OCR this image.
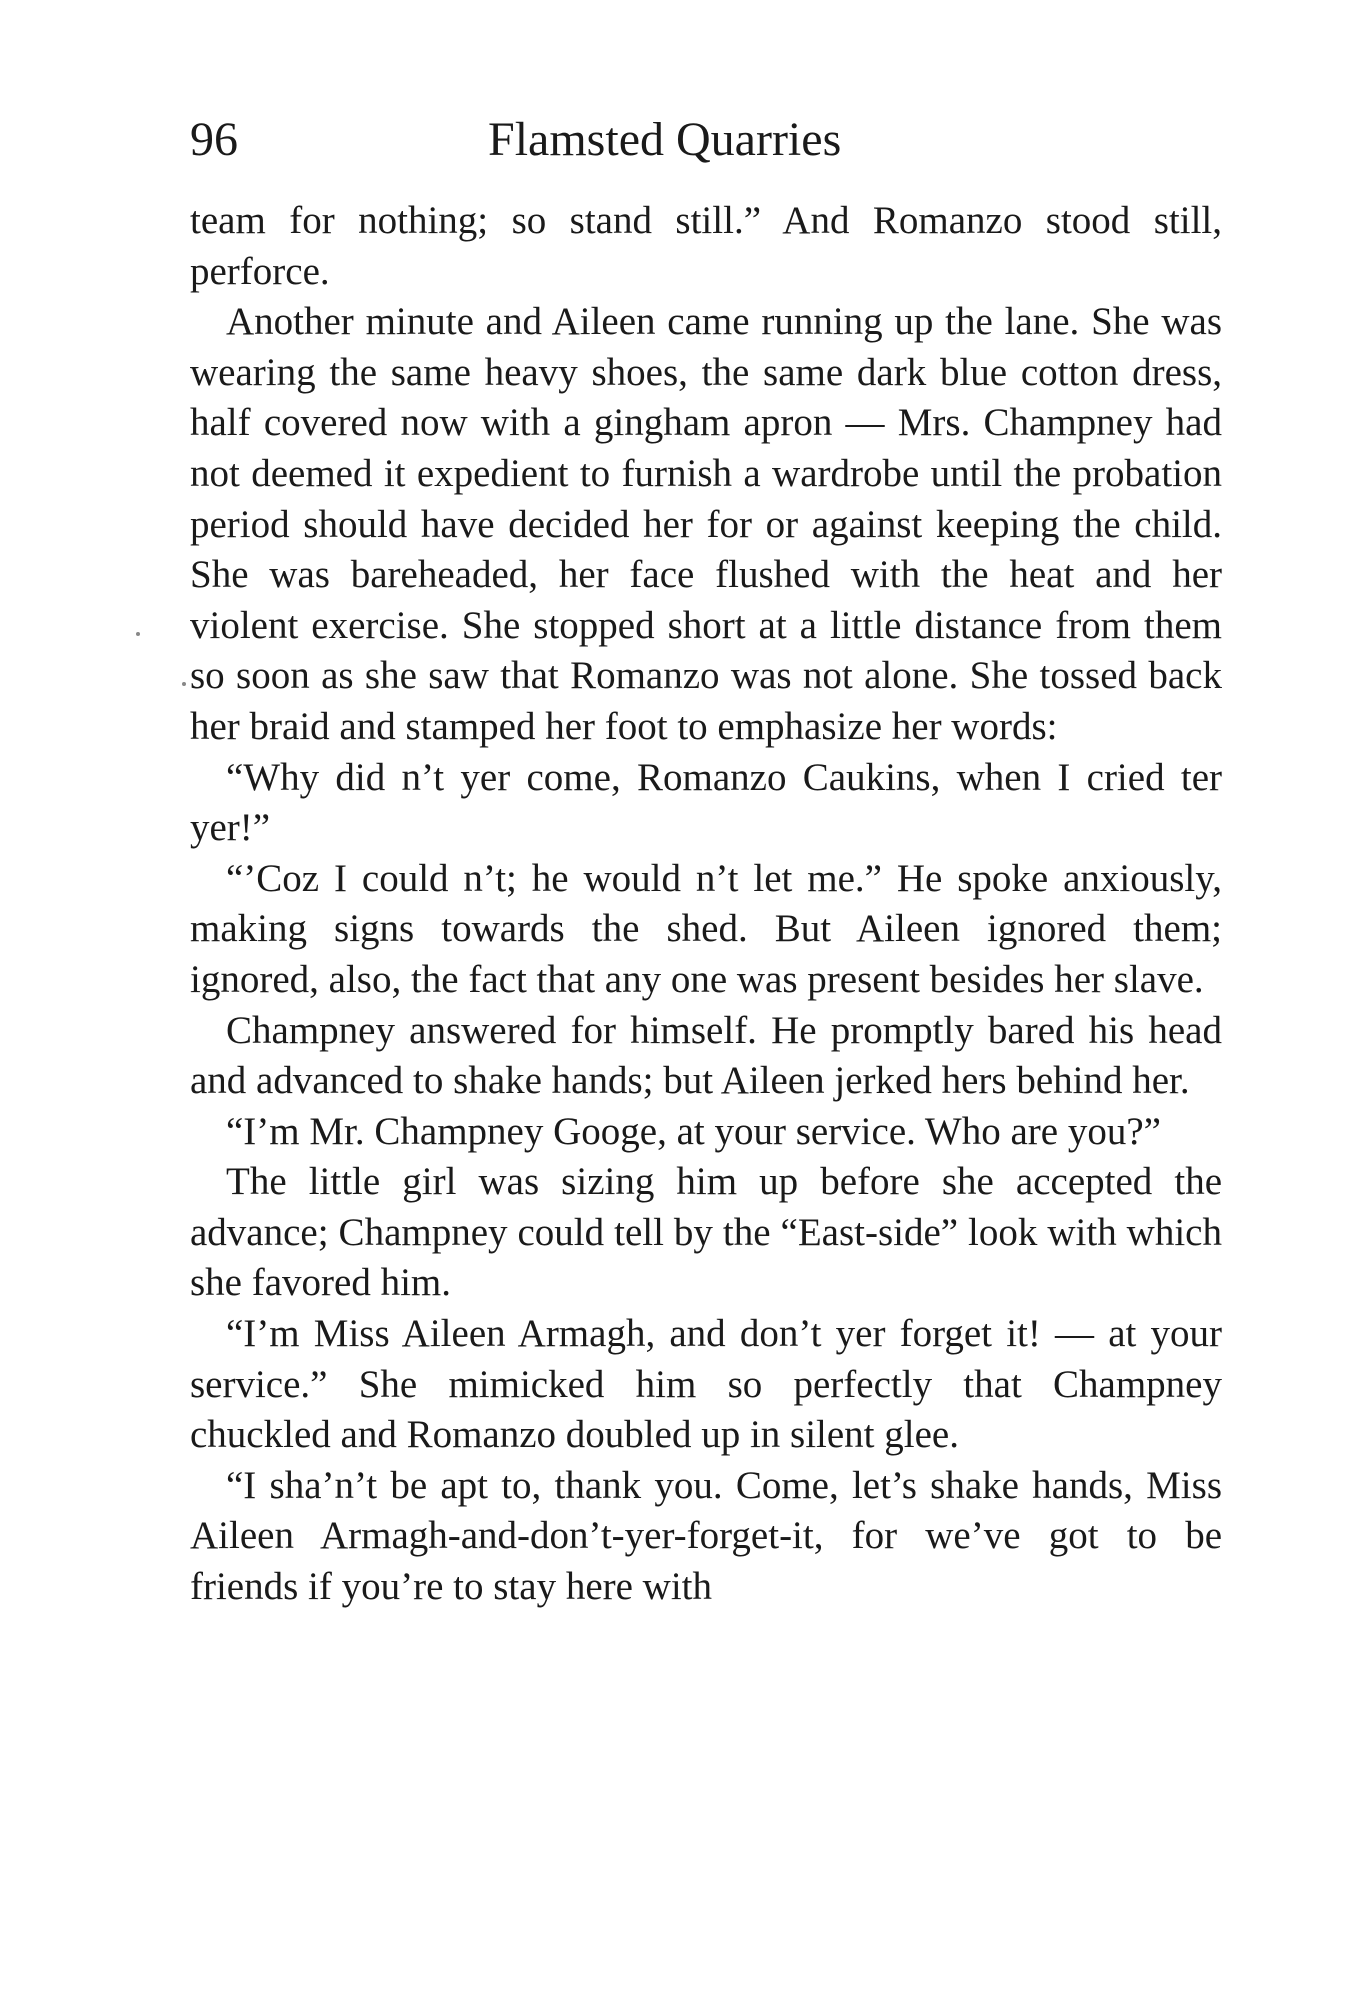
96	Flamsted Quarries

team for nothing; so stand still.” And Romanzo stood still, perforce.

Another minute and Aileen came running up the lane. She was wearing the same heavy shoes, the same dark blue cotton dress, half covered now with a gingham apron — Mrs. Champney had not deemed it expedient to furnish a wardrobe until the probation period should have decided her for or against keeping the child. She was bareheaded, her face flushed with the heat and her violent exercise. She stopped short at a little distance from them so soon as she saw that Romanzo was not alone. She tossed back her braid and stamped her foot to emphasize her words:

“Why did n’t yer come, Romanzo Caukins, when I cried ter yer!”

“’Coz I could n’t; he would n’t let me.” He spoke anxiously, making signs towards the shed. But Aileen ignored them; ignored, also, the fact that any one was present besides her slave.

Champney answered for himself. He promptly bared his head and advanced to shake hands; but Aileen jerked hers behind her.

“I’m Mr. Champney Googe, at your service. Who are you?”

The little girl was sizing him up before she accepted the advance; Champney could tell by the “East-side” look with which she favored him.

“I’m Miss Aileen Armagh, and don’t yer forget it! — at your service.” She mimicked him so perfectly that Champney chuckled and Romanzo doubled up in silent glee.

“I sha’n’t be apt to, thank you. Come, let’s shake hands, Miss Aileen Armagh-and-don’t-yer-forget-it, for we’ve got to be friends if you’re to stay here with
